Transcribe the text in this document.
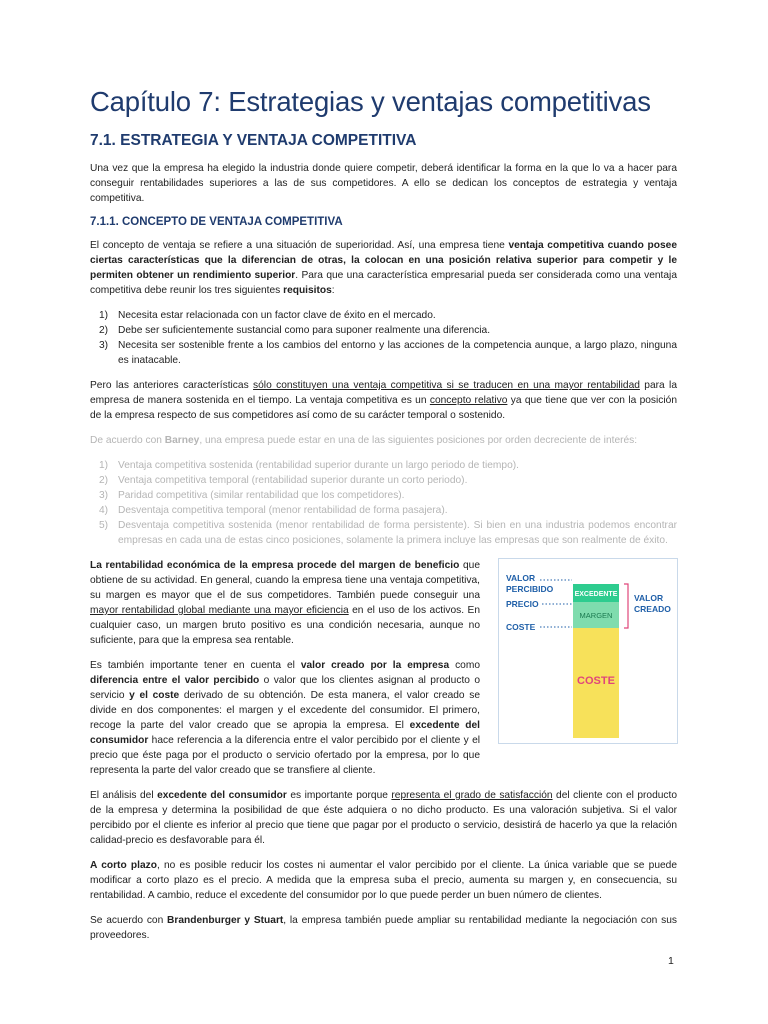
Capítulo 7: Estrategias y ventajas competitivas
7.1. ESTRATEGIA Y VENTAJA COMPETITIVA

Una vez que la empresa ha elegido la industria donde quiere competir, deberá identificar la forma en la que lo va a hacer para conseguir rentabilidades superiores a las de sus competidores. A ello se dedican los conceptos de estrategia y ventaja competitiva.

7.1.1. CONCEPTO DE VENTAJA COMPETITIVA

El concepto de ventaja se refiere a una situación de superioridad. Así, una empresa tiene ventaja competitiva cuando posee ciertas características que la diferencian de otras, la colocan en una posición relativa superior para competir y le permiten obtener un rendimiento superior. Para que una característica empresarial pueda ser considerada como una ventaja competitiva debe reunir los tres siguientes requisitos:

1) Necesita estar relacionada con un factor clave de éxito en el mercado.
2) Debe ser suficientemente sustancial como para suponer realmente una diferencia.
3) Necesita ser sostenible frente a los cambios del entorno y las acciones de la competencia aunque, a largo plazo, ninguna es inatacable.

Pero las anteriores características sólo constituyen una ventaja competitiva si se traducen en una mayor rentabilidad para la empresa de manera sostenida en el tiempo. La ventaja competitiva es un concepto relativo ya que tiene que ver con la posición de la empresa respecto de sus competidores así como de su carácter temporal o sostenido.

De acuerdo con Barney, una empresa puede estar en una de las siguientes posiciones por orden decreciente de interés:

1) Ventaja competitiva sostenida (rentabilidad superior durante un largo periodo de tiempo).
2) Ventaja competitiva temporal (rentabilidad superior durante un corto periodo).
3) Paridad competitiva (similar rentabilidad que los competidores).
4) Desventaja competitiva temporal (menor rentabilidad de forma pasajera).
5) Desventaja competitiva sostenida (menor rentabilidad de forma persistente). Si bien en una industria podemos encontrar empresas en cada una de estas cinco posiciones, solamente la primera incluye las empresas que son realmente de éxito.

La rentabilidad económica de la empresa procede del margen de beneficio que obtiene de su actividad. En general, cuando la empresa tiene una ventaja competitiva, su margen es mayor que el de sus competidores. También puede conseguir una mayor rentabilidad global mediante una mayor eficiencia en el uso de los activos. En cualquier caso, un margen bruto positivo es una condición necesaria, aunque no suficiente, para que la empresa sea rentable.

Es también importante tener en cuenta el valor creado por la empresa como diferencia entre el valor percibido o valor que los clientes asignan al producto o servicio y el coste derivado de su obtención. De esta manera, el valor creado se divide en dos componentes: el margen y el excedente del consumidor. El primero, recoge la parte del valor creado que se apropia la empresa. El excedente del consumidor hace referencia a la diferencia entre el valor percibido por el cliente y el precio que éste paga por el producto o servicio ofertado por la empresa, por lo que representa la parte del valor creado que se transfiere al cliente.

EXCEDENTE
MARGEN
COSTE
VALOR
PERCIBIDO
PRECIO
COSTE
VALOR
CREADO

El análisis del excedente del consumidor es importante porque representa el grado de satisfacción del cliente con el producto de la empresa y determina la posibilidad de que éste adquiera o no dicho producto. Es una valoración subjetiva. Si el valor percibido por el cliente es inferior al precio que tiene que pagar por el producto o servicio, desistirá de hacerlo ya que la relación calidad-precio es desfavorable para él.

A corto plazo, no es posible reducir los costes ni aumentar el valor percibido por el cliente. La única variable que se puede modificar a corto plazo es el precio. A medida que la empresa suba el precio, aumenta su margen y, en consecuencia, su rentabilidad. A cambio, reduce el excedente del consumidor por lo que puede perder un buen número de clientes.

Se acuerdo con Brandenburger y Stuart, la empresa también puede ampliar su rentabilidad mediante la negociación con sus proveedores.

1
